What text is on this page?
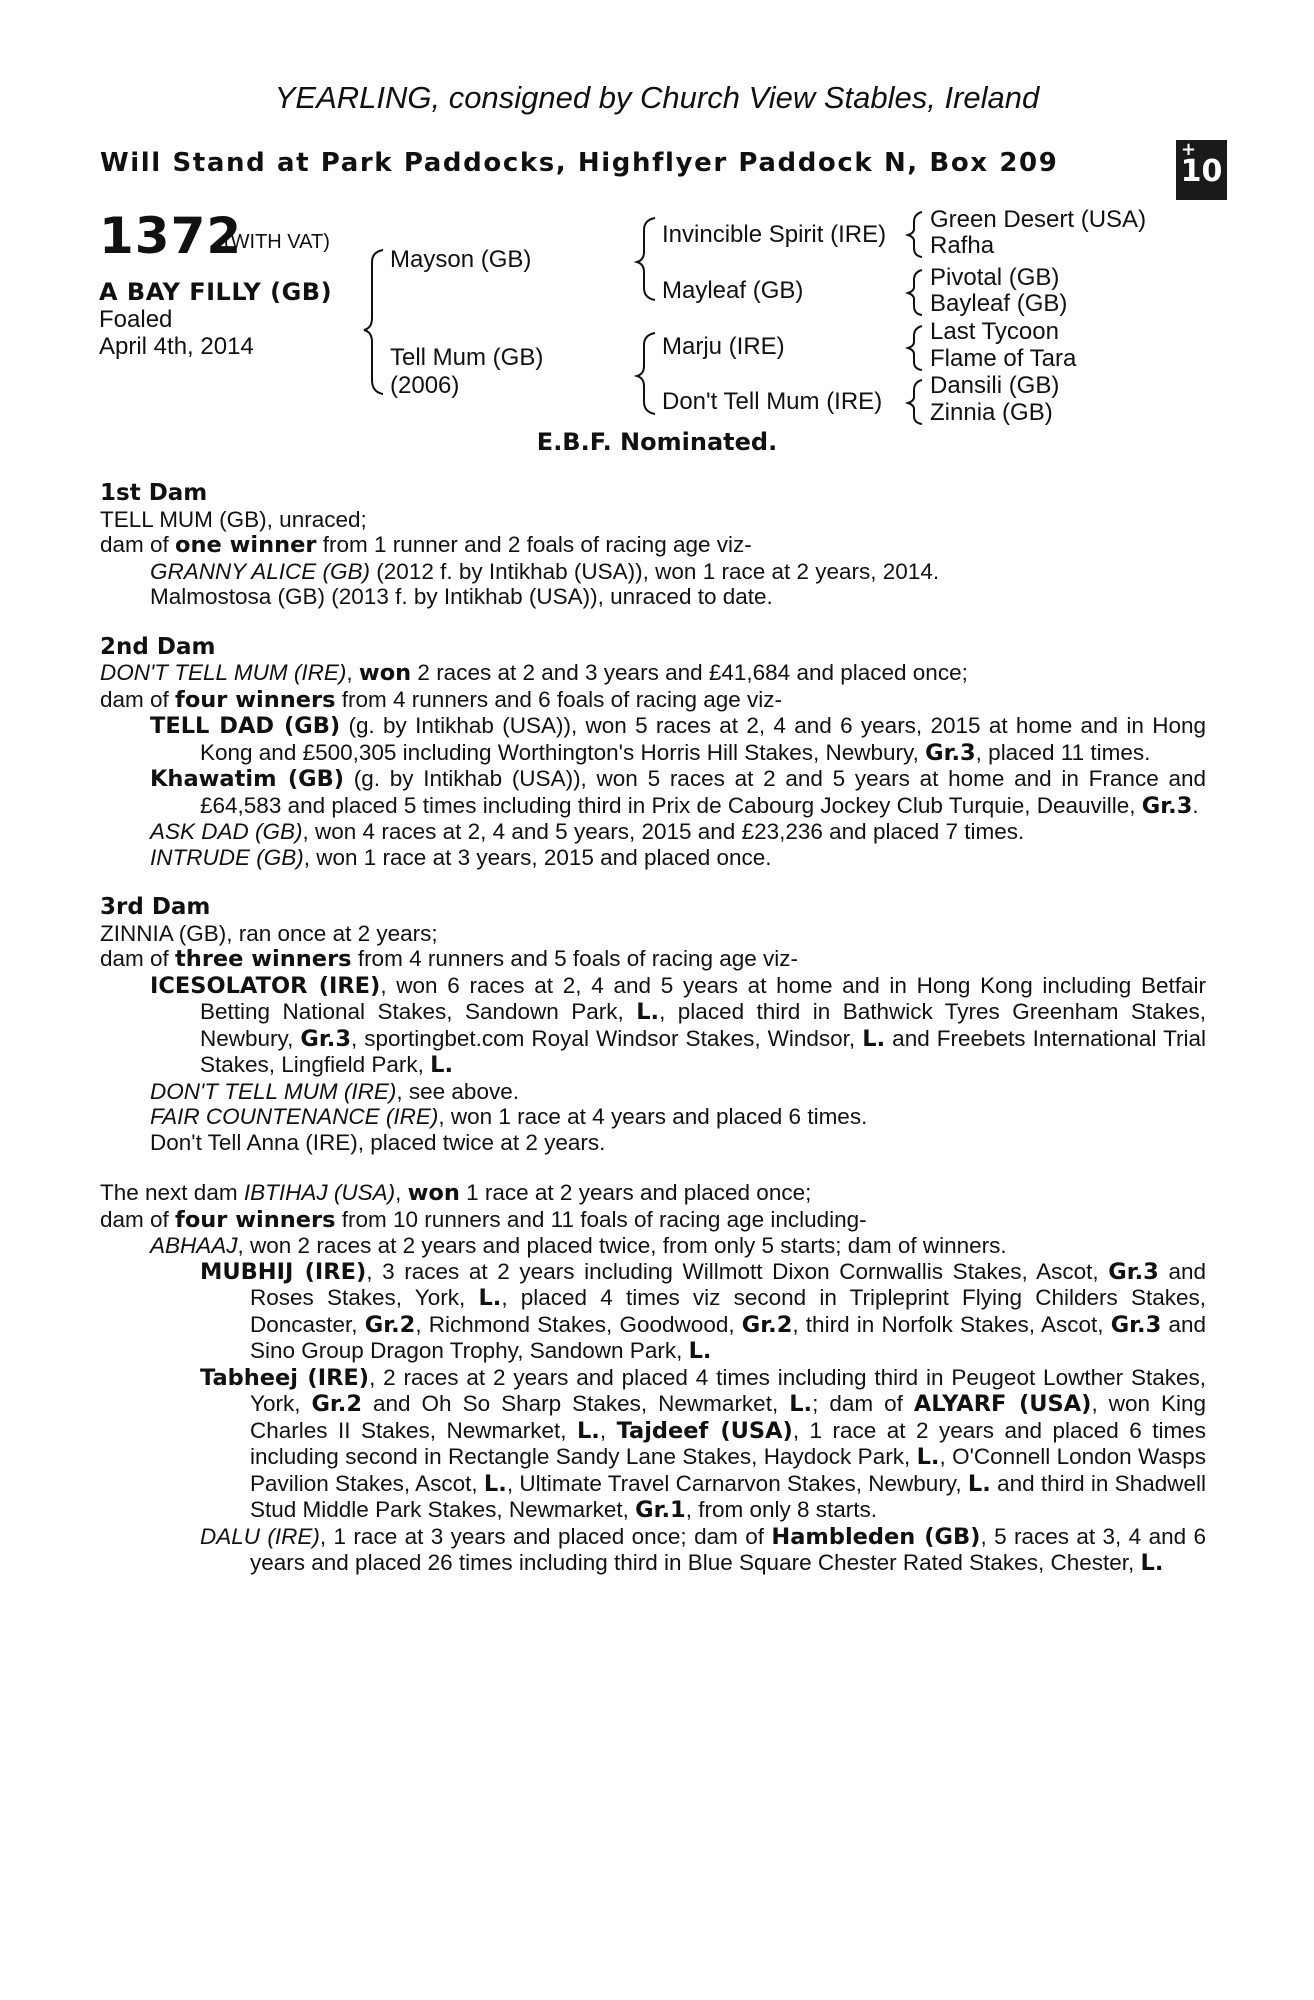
YEARLING, consigned by Church View Stables, Ireland
Will Stand at Park Paddocks, Highflyer Paddock N, Box 209	+
10
1372
(WITH VAT)
A BAY FILLY (GB)
Foaled
April 4th, 2014
Mayson (GB)
Tell Mum (GB)
(2006)
Invincible Spirit (IRE)
Mayleaf (GB)
Marju (IRE)
Don't Tell Mum (IRE)
Green Desert (USA)
Rafha
Pivotal (GB)
Bayleaf (GB)
Last Tycoon
Flame of Tara
Dansili (GB)
Zinnia (GB)
E.B.F. Nominated.

1st Dam

TELL MUM (GB), unraced;

dam of one winner from 1 runner and 2 foals of racing age viz-

GRANNY ALICE (GB) (2012 f. by Intikhab (USA)), won 1 race at 2 years, 2014.

Malmostosa (GB) (2013 f. by Intikhab (USA)), unraced to date.

2nd Dam

DON'T TELL MUM (IRE), won 2 races at 2 and 3 years and £41,684 and placed once;

dam of four winners from 4 runners and 6 foals of racing age viz-

TELL DAD (GB) (g. by Intikhab (USA)), won 5 races at 2, 4 and 6 years, 2015 at home and in Hong Kong and £500,305 including Worthington's Horris Hill Stakes, Newbury, Gr.3, placed 11 times.

Khawatim (GB) (g. by Intikhab (USA)), won 5 races at 2 and 5 years at home and in France and £64,583 and placed 5 times including third in Prix de Cabourg Jockey Club Turquie, Deauville, Gr.3.

ASK DAD (GB), won 4 races at 2, 4 and 5 years, 2015 and £23,236 and placed 7 times.

INTRUDE (GB), won 1 race at 3 years, 2015 and placed once.

3rd Dam

ZINNIA (GB), ran once at 2 years;

dam of three winners from 4 runners and 5 foals of racing age viz-

ICESOLATOR (IRE), won 6 races at 2, 4 and 5 years at home and in Hong Kong including Betfair Betting National Stakes, Sandown Park, L., placed third in Bathwick Tyres Greenham Stakes, Newbury, Gr.3, sportingbet.com Royal Windsor Stakes, Windsor, L. and Freebets International Trial Stakes, Lingfield Park, L.

DON'T TELL MUM (IRE), see above.

FAIR COUNTENANCE (IRE), won 1 race at 4 years and placed 6 times.

Don't Tell Anna (IRE), placed twice at 2 years.

The next dam IBTIHAJ (USA), won 1 race at 2 years and placed once;

dam of four winners from 10 runners and 11 foals of racing age including-

ABHAAJ, won 2 races at 2 years and placed twice, from only 5 starts; dam of winners.

MUBHIJ (IRE), 3 races at 2 years including Willmott Dixon Cornwallis Stakes, Ascot, Gr.3 and Roses Stakes, York, L., placed 4 times viz second in Tripleprint Flying Childers Stakes, Doncaster, Gr.2, Richmond Stakes, Goodwood, Gr.2, third in Norfolk Stakes, Ascot, Gr.3 and Sino Group Dragon Trophy, Sandown Park, L.

Tabheej (IRE), 2 races at 2 years and placed 4 times including third in Peugeot Lowther Stakes, York, Gr.2 and Oh So Sharp Stakes, Newmarket, L.; dam of ALYARF (USA), won King Charles II Stakes, Newmarket, L., Tajdeef (USA), 1 race at 2 years and placed 6 times including second in Rectangle Sandy Lane Stakes, Haydock Park, L., O'Connell London Wasps Pavilion Stakes, Ascot, L., Ultimate Travel Carnarvon Stakes, Newbury, L. and third in Shadwell Stud Middle Park Stakes, Newmarket, Gr.1, from only 8 starts.

DALU (IRE), 1 race at 3 years and placed once; dam of Hambleden (GB), 5 races at 3, 4 and 6 years and placed 26 times including third in Blue Square Chester Rated Stakes, Chester, L.
